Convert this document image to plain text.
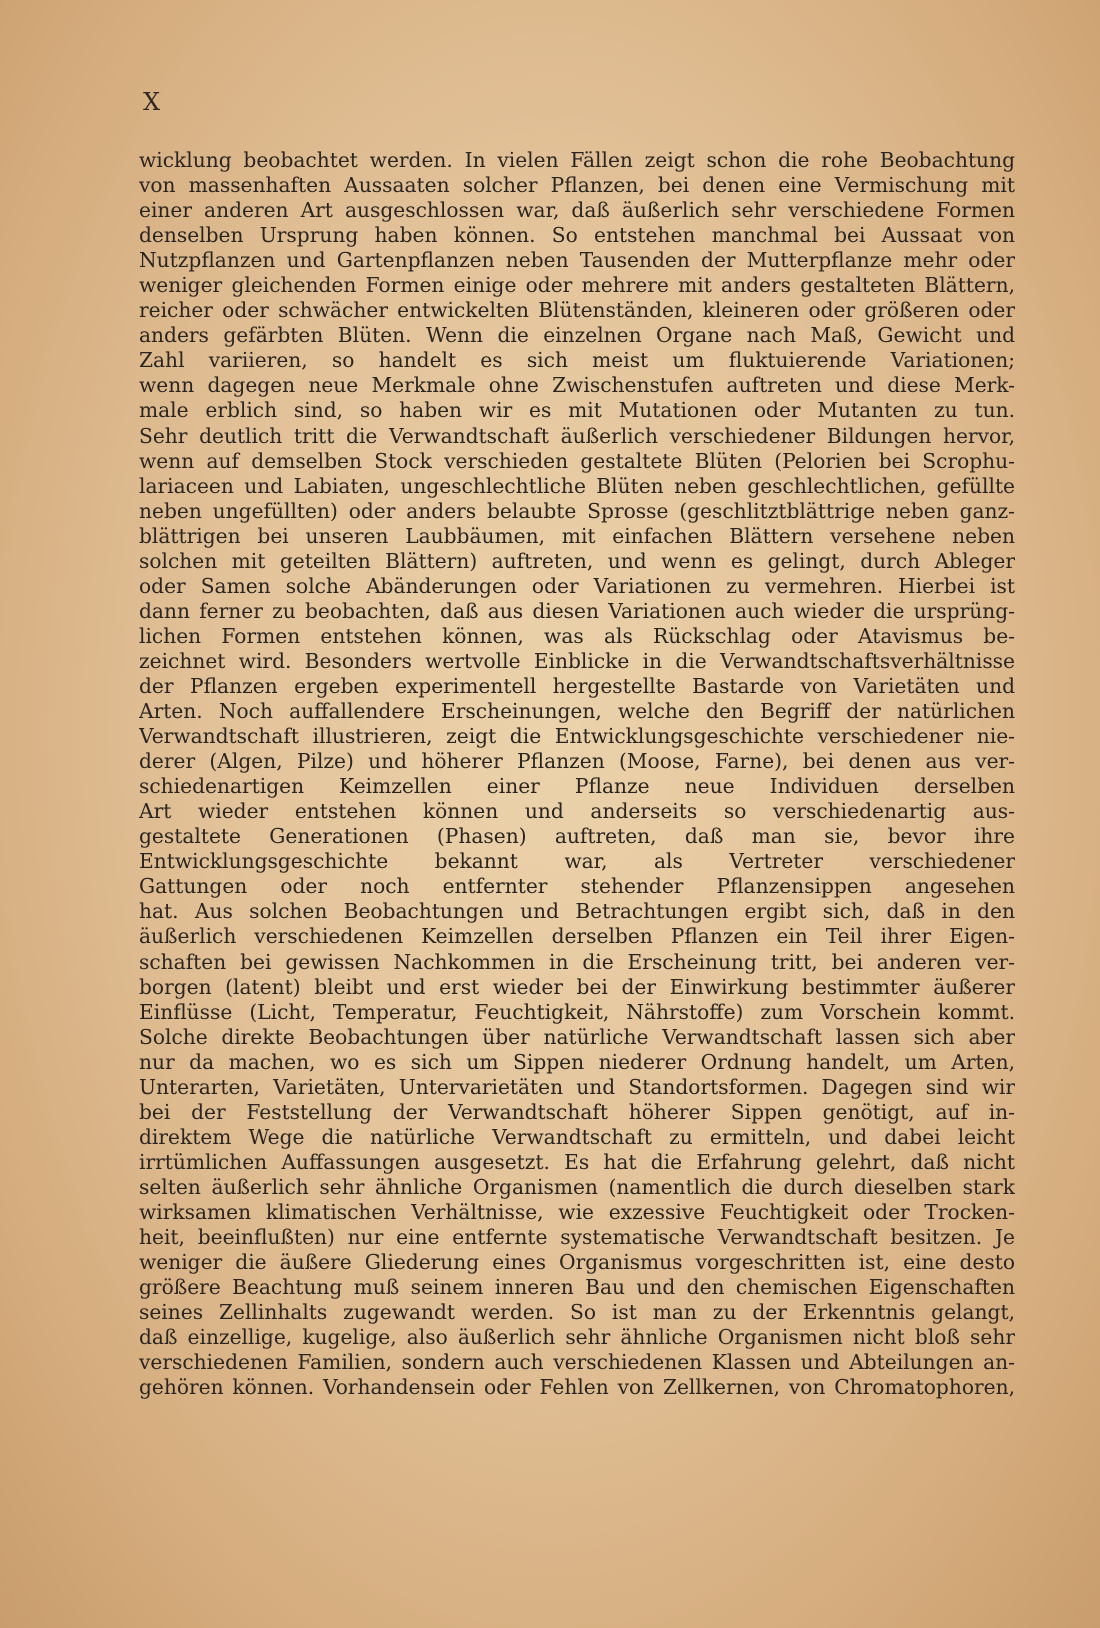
X
wicklung beobachtet werden. In vielen Fällen zeigt schon die rohe Beobachtung
von massenhaften Aussaaten solcher Pflanzen, bei denen eine Vermischung mit
einer anderen Art ausgeschlossen war, daß äußerlich sehr verschiedene Formen
denselben Ursprung haben können. So entstehen manchmal bei Aussaat von
Nutzpflanzen und Gartenpflanzen neben Tausenden der Mutterpflanze mehr oder
weniger gleichenden Formen einige oder mehrere mit anders gestalteten Blättern,
reicher oder schwächer entwickelten Blütenständen, kleineren oder größeren oder
anders gefärbten Blüten. Wenn die einzelnen Organe nach Maß, Gewicht und
Zahl variieren, so handelt es sich meist um fluktuierende Variationen;
wenn dagegen neue Merkmale ohne Zwischenstufen auftreten und diese Merk-
male erblich sind, so haben wir es mit Mutationen oder Mutanten zu tun.
Sehr deutlich tritt die Verwandtschaft äußerlich verschiedener Bildungen hervor,
wenn auf demselben Stock verschieden gestaltete Blüten (Pelorien bei Scrophu-
lariaceen und Labiaten, ungeschlechtliche Blüten neben geschlechtlichen, gefüllte
neben ungefüllten) oder anders belaubte Sprosse (geschlitztblättrige neben ganz-
blättrigen bei unseren Laubbäumen, mit einfachen Blättern versehene neben
solchen mit geteilten Blättern) auftreten, und wenn es gelingt, durch Ableger
oder Samen solche Abänderungen oder Variationen zu vermehren. Hierbei ist
dann ferner zu beobachten, daß aus diesen Variationen auch wieder die ursprüng-
lichen Formen entstehen können, was als Rückschlag oder Atavismus be-
zeichnet wird. Besonders wertvolle Einblicke in die Verwandtschaftsverhältnisse
der Pflanzen ergeben experimentell hergestellte Bastarde von Varietäten und
Arten. Noch auffallendere Erscheinungen, welche den Begriff der natürlichen
Verwandtschaft illustrieren, zeigt die Entwicklungsgeschichte verschiedener nie-
derer (Algen, Pilze) und höherer Pflanzen (Moose, Farne), bei denen aus ver-
schiedenartigen Keimzellen einer Pflanze neue Individuen derselben
Art wieder entstehen können und anderseits so verschiedenartig aus-
gestaltete Generationen (Phasen) auftreten, daß man sie, bevor ihre
Entwicklungsgeschichte bekannt war, als Vertreter verschiedener
Gattungen oder noch entfernter stehender Pflanzensippen angesehen
hat. Aus solchen Beobachtungen und Betrachtungen ergibt sich, daß in den
äußerlich verschiedenen Keimzellen derselben Pflanzen ein Teil ihrer Eigen-
schaften bei gewissen Nachkommen in die Erscheinung tritt, bei anderen ver-
borgen (latent) bleibt und erst wieder bei der Einwirkung bestimmter äußerer
Einflüsse (Licht, Temperatur, Feuchtigkeit, Nährstoffe) zum Vorschein kommt.
Solche direkte Beobachtungen über natürliche Verwandtschaft lassen sich aber
nur da machen, wo es sich um Sippen niederer Ordnung handelt, um Arten,
Unterarten, Varietäten, Untervarietäten und Standortsformen. Dagegen sind wir
bei der Feststellung der Verwandtschaft höherer Sippen genötigt, auf in-
direktem Wege die natürliche Verwandtschaft zu ermitteln, und dabei leicht
irrtümlichen Auffassungen ausgesetzt. Es hat die Erfahrung gelehrt, daß nicht
selten äußerlich sehr ähnliche Organismen (namentlich die durch dieselben stark
wirksamen klimatischen Verhältnisse, wie exzessive Feuchtigkeit oder Trocken-
heit, beeinflußten) nur eine entfernte systematische Verwandtschaft besitzen. Je
weniger die äußere Gliederung eines Organismus vorgeschritten ist, eine desto
größere Beachtung muß seinem inneren Bau und den chemischen Eigenschaften
seines Zellinhalts zugewandt werden. So ist man zu der Erkenntnis gelangt,
daß einzellige, kugelige, also äußerlich sehr ähnliche Organismen nicht bloß sehr
verschiedenen Familien, sondern auch verschiedenen Klassen und Abteilungen an-
gehören können. Vorhandensein oder Fehlen von Zellkernen, von Chromatophoren,
